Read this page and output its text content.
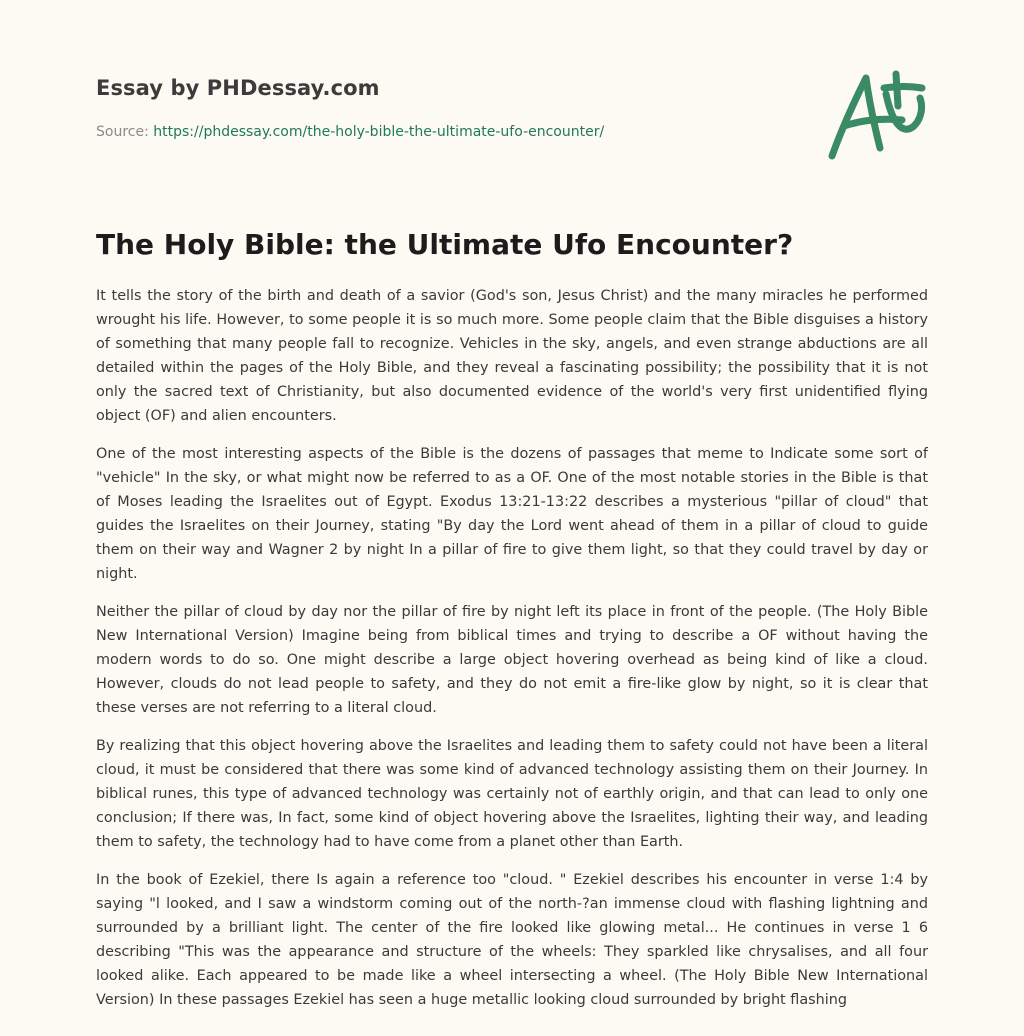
Essay by PHDessay.com
Source: https://phdessay.com/the-holy-bible-the-ultimate-ufo-encounter/
The Holy Bible: the Ultimate Ufo Encounter?

It tells the story of the birth and death of a savior (God's son, Jesus Christ) and the many miracles he performed wrought his life. However, to some people it is so much more. Some people claim that the Bible disguises a history of something that many people fall to recognize. Vehicles in the sky, angels, and even strange abductions are all detailed within the pages of the Holy Bible, and they reveal a fascinating possibility; the possibility that it is not only the sacred text of Christianity, but also documented evidence of the world's very first unidentified flying object (OF) and alien encounters.

One of the most interesting aspects of the Bible is the dozens of passages that meme to Indicate some sort of "vehicle" In the sky, or what might now be referred to as a OF. One of the most notable stories in the Bible is that of Moses leading the Israelites out of Egypt. Exodus 13:21-13:22 describes a mysterious "pillar of cloud" that guides the Israelites on their Journey, stating "By day the Lord went ahead of them in a pillar of cloud to guide them on their way and Wagner 2 by night In a pillar of fire to give them light, so that they could travel by day or night.

Neither the pillar of cloud by day nor the pillar of fire by night left its place in front of the people. (The Holy Bible New International Version) Imagine being from biblical times and trying to describe a OF without having the modern words to do so. One might describe a large object hovering overhead as being kind of like a cloud. However, clouds do not lead people to safety, and they do not emit a fire-like glow by night, so it is clear that these verses are not referring to a literal cloud.

By realizing that this object hovering above the Israelites and leading them to safety could not have been a literal cloud, it must be considered that there was some kind of advanced technology assisting them on their Journey. In biblical runes, this type of advanced technology was certainly not of earthly origin, and that can lead to only one conclusion; If there was, In fact, some kind of object hovering above the Israelites, lighting their way, and leading them to safety, the technology had to have come from a planet other than Earth.

In the book of Ezekiel, there Is again a reference too "cloud. " Ezekiel describes his encounter in verse 1:4 by saying "l looked, and I saw a windstorm coming out of the north-?an immense cloud with flashing lightning and surrounded by a brilliant light. The center of the fire looked like glowing metal... He continues in verse 1 6 describing "This was the appearance and structure of the wheels: They sparkled like chrysalises, and all four looked alike. Each appeared to be made like a wheel intersecting a wheel. (The Holy Bible New International Version) In these passages Ezekiel has seen a huge metallic looking cloud surrounded by bright flashing
